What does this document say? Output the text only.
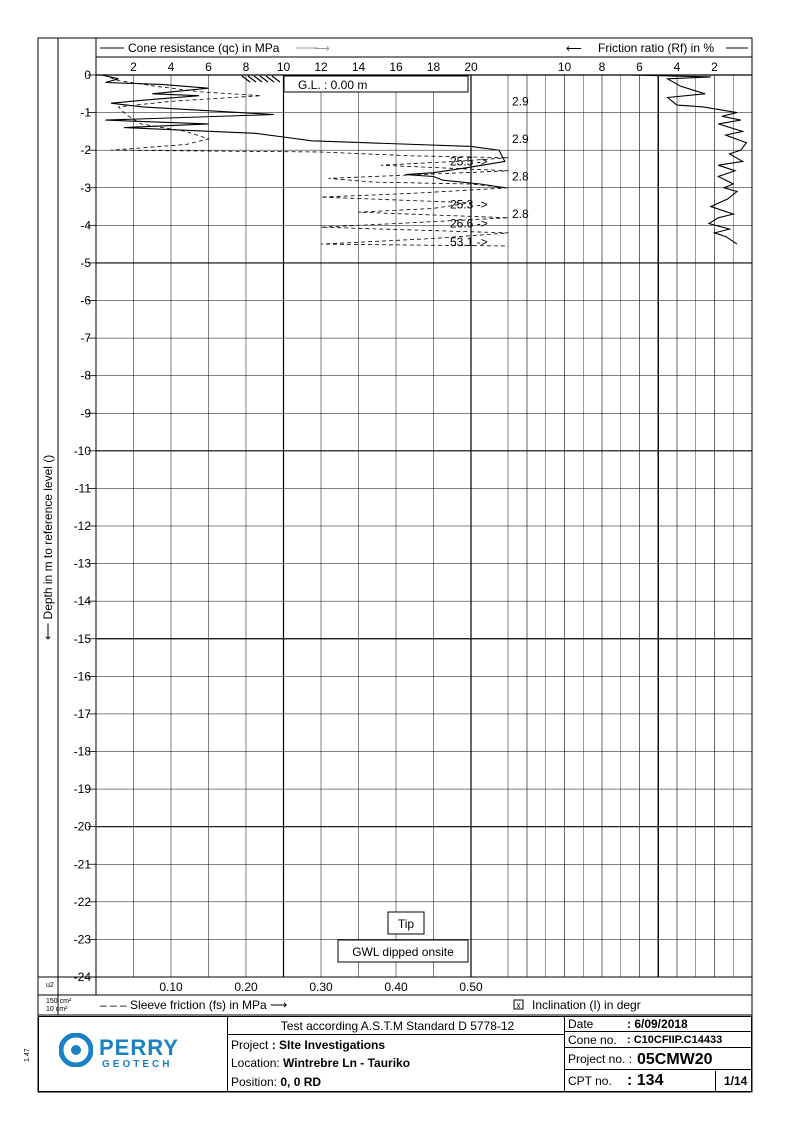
Cone resistance (qc) in MPa	⟶	⟵ Friction ratio (Rf) in %
2	4	6	8 10 12 14 16 18 20	10 8	6	4	2
0
-1
-2
-3
-4
-5
-6
-7
-8
-9
-10
-11
-12
-13
-14
-15
-16
-17
-18
-19
-20
-21
-22
-23
-24
0.10	0.20	0.30	0.40	0.50
⟵ Depth in m to reference level ()
– – – Sleeve friction (fs) in MPa ⟶	x Inclination (I) in degr
u2
150 cm²
10 cm²
G.L. : 0.00 m
2.9
2.9
2.8
2.8
25.5 ->
25.3 ->
26.6 ->
53.1 ->
Tip
GWL dipped onsite
PERRY
GEOTECH
Test according A.S.T.M Standard D 5778-12
Project : SIte Investigations
Location: Wintrebre Ln - Tauriko
Position: 0, 0 RD
Date	: 6/09/2018
Cone no. : C10CFIIP.C14433
Project no. : 05CMW20
CPT no. : 134	1/14
1.47
